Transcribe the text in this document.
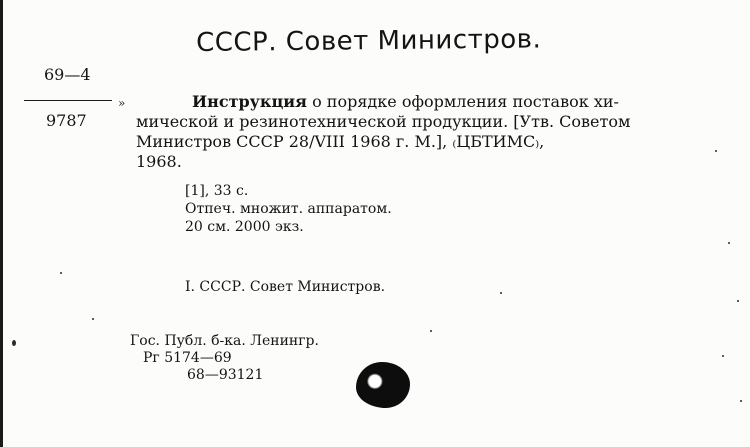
СССР. Совет Министров.
69—4
»
9787
Инструкция о порядке оформления поставок хи-
мической и резинотехнической продукции. [Утв. Советом
Министров СССР 28/VIII 1968 г. М.], ₍ЦБТИМС₎,
1968.
[1], 33 с.
Отпеч. множит. аппаратом.
20 см. 2000 экз.
I. СССР. Совет Министров.
Гос. Публ. б-ка. Ленингр.
Рг 5174—69
68—93121
